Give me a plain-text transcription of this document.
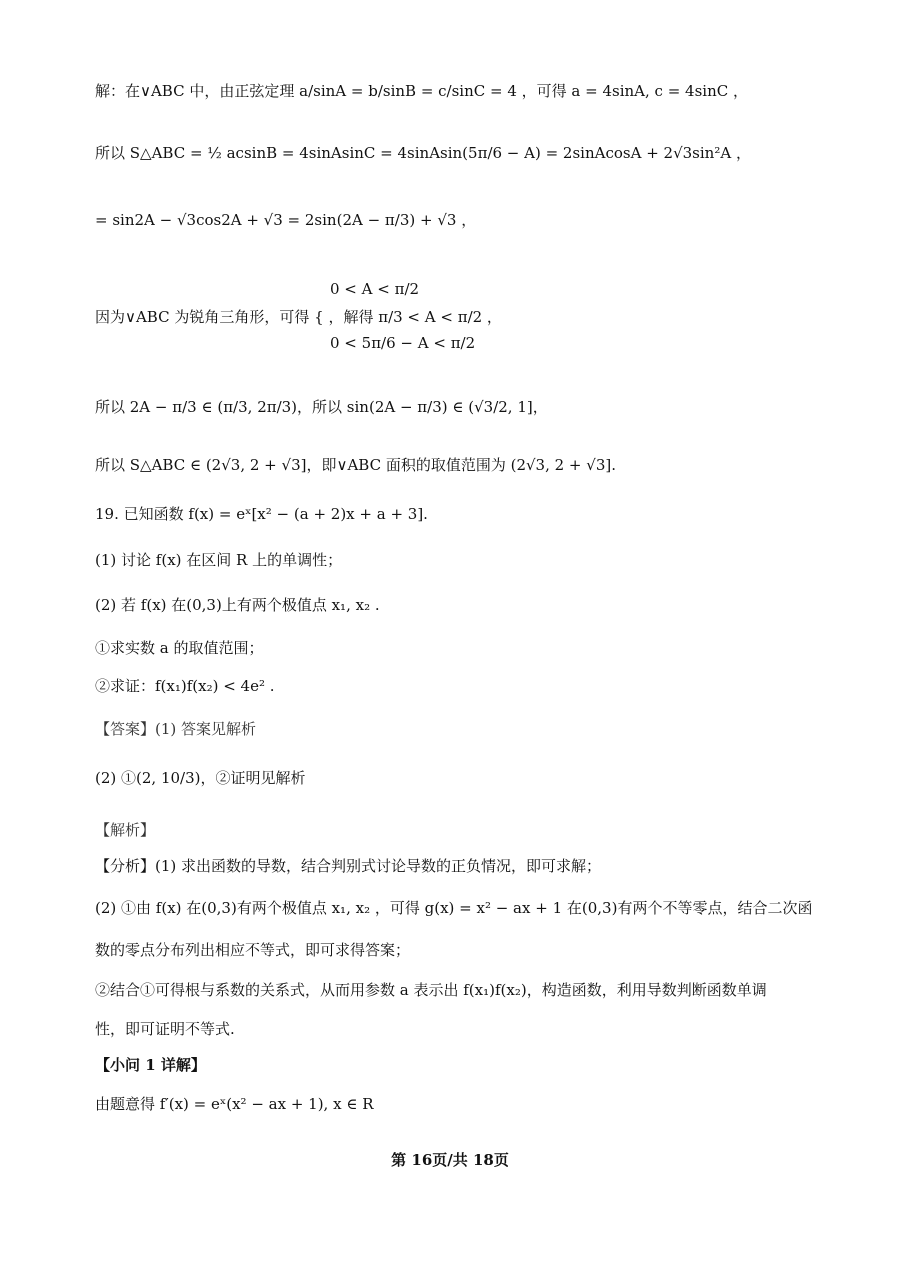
解：在∨ABC 中，由正弦定理 a/sinA = b/sinB = c/sinC = 4 ，可得 a = 4sinA, c = 4sinC ，
所以 S△ABC = ½ acsinB = 4sinAsinC = 4sinAsin(5π/6 − A) = 2sinAcosA + 2√3sin²A ，
= sin2A − √3cos2A + √3 = 2sin(2A − π/3) + √3 ，
0 < A < π/2
因为∨ABC 为锐角三角形，可得 { ，解得 π/3 < A < π/2 ，
0 < 5π/6 − A < π/2
所以 2A − π/3 ∈ (π/3, 2π/3)，所以 sin(2A − π/3) ∈ (√3/2, 1]，
所以 S△ABC ∈ (2√3, 2 + √3]，即∨ABC 面积的取值范围为 (2√3, 2 + √3].
19. 已知函数 f(x) = eˣ[x² − (a + 2)x + a + 3].
(1) 讨论 f(x) 在区间 R 上的单调性；
(2) 若 f(x) 在(0,3)上有两个极值点 x₁, x₂ .
①求实数 a 的取值范围；
②求证：f(x₁)f(x₂) < 4e² .
【答案】(1) 答案见解析
(2) ①(2, 10/3)，②证明见解析
【解析】
【分析】(1) 求出函数的导数，结合判别式讨论导数的正负情况，即可求解；
(2) ①由 f(x) 在(0,3)有两个极值点 x₁, x₂ ，可得 g(x) = x² − ax + 1 在(0,3)有两个不等零点，结合二次函
数的零点分布列出相应不等式，即可求得答案；
②结合①可得根与系数的关系式，从而用参数 a 表示出 f(x₁)f(x₂)，构造函数，利用导数判断函数单调
性，即可证明不等式.
【小问 1 详解】
由题意得 f′(x) = eˣ(x² − ax + 1), x ∈ R
第 16页/共 18页
